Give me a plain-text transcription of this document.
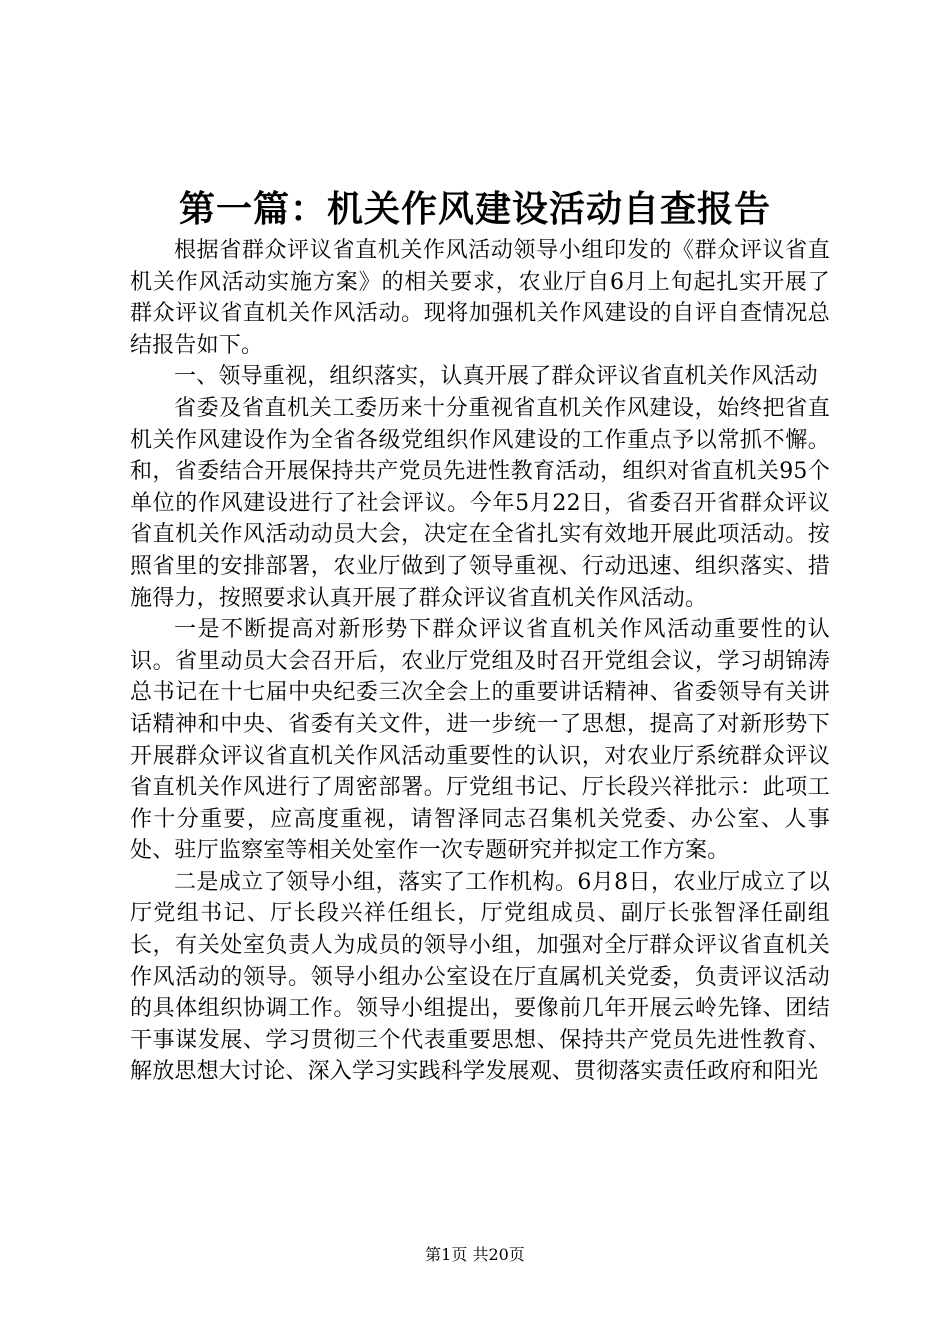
第一篇：机关作风建设活动自查报告

根据省群众评议省直机关作风活动领导小组印发的《群众评议省直机关作风活动实施方案》的相关要求，农业厅自6月上旬起扎实开展了群众评议省直机关作风活动。现将加强机关作风建设的自评自查情况总结报告如下。

一、领导重视，组织落实，认真开展了群众评议省直机关作风活动

省委及省直机关工委历来十分重视省直机关作风建设，始终把省直机关作风建设作为全省各级党组织作风建设的工作重点予以常抓不懈。和，省委结合开展保持共产党员先进性教育活动，组织对省直机关95个单位的作风建设进行了社会评议。今年5月22日，省委召开省群众评议省直机关作风活动动员大会，决定在全省扎实有效地开展此项活动。按照省里的安排部署，农业厅做到了领导重视、行动迅速、组织落实、措施得力，按照要求认真开展了群众评议省直机关作风活动。

一是不断提高对新形势下群众评议省直机关作风活动重要性的认识。省里动员大会召开后，农业厅党组及时召开党组会议，学习胡锦涛总书记在十七届中央纪委三次全会上的重要讲话精神、省委领导有关讲话精神和中央、省委有关文件，进一步统一了思想，提高了对新形势下开展群众评议省直机关作风活动重要性的认识，对农业厅系统群众评议省直机关作风进行了周密部署。厅党组书记、厅长段兴祥批示：此项工作十分重要，应高度重视，请智泽同志召集机关党委、办公室、人事处、驻厅监察室等相关处室作一次专题研究并拟定工作方案。

二是成立了领导小组，落实了工作机构。6月8日，农业厅成立了以厅党组书记、厅长段兴祥任组长，厅党组成员、副厅长张智泽任副组长，有关处室负责人为成员的领导小组，加强对全厅群众评议省直机关作风活动的领导。领导小组办公室设在厅直属机关党委，负责评议活动的具体组织协调工作。领导小组提出，要像前几年开展云岭先锋、团结干事谋发展、学习贯彻三个代表重要思想、保持共产党员先进性教育、解放思想大讨论、深入学习实践科学发展观、贯彻落实责任政府和阳光

第1页 共20页
